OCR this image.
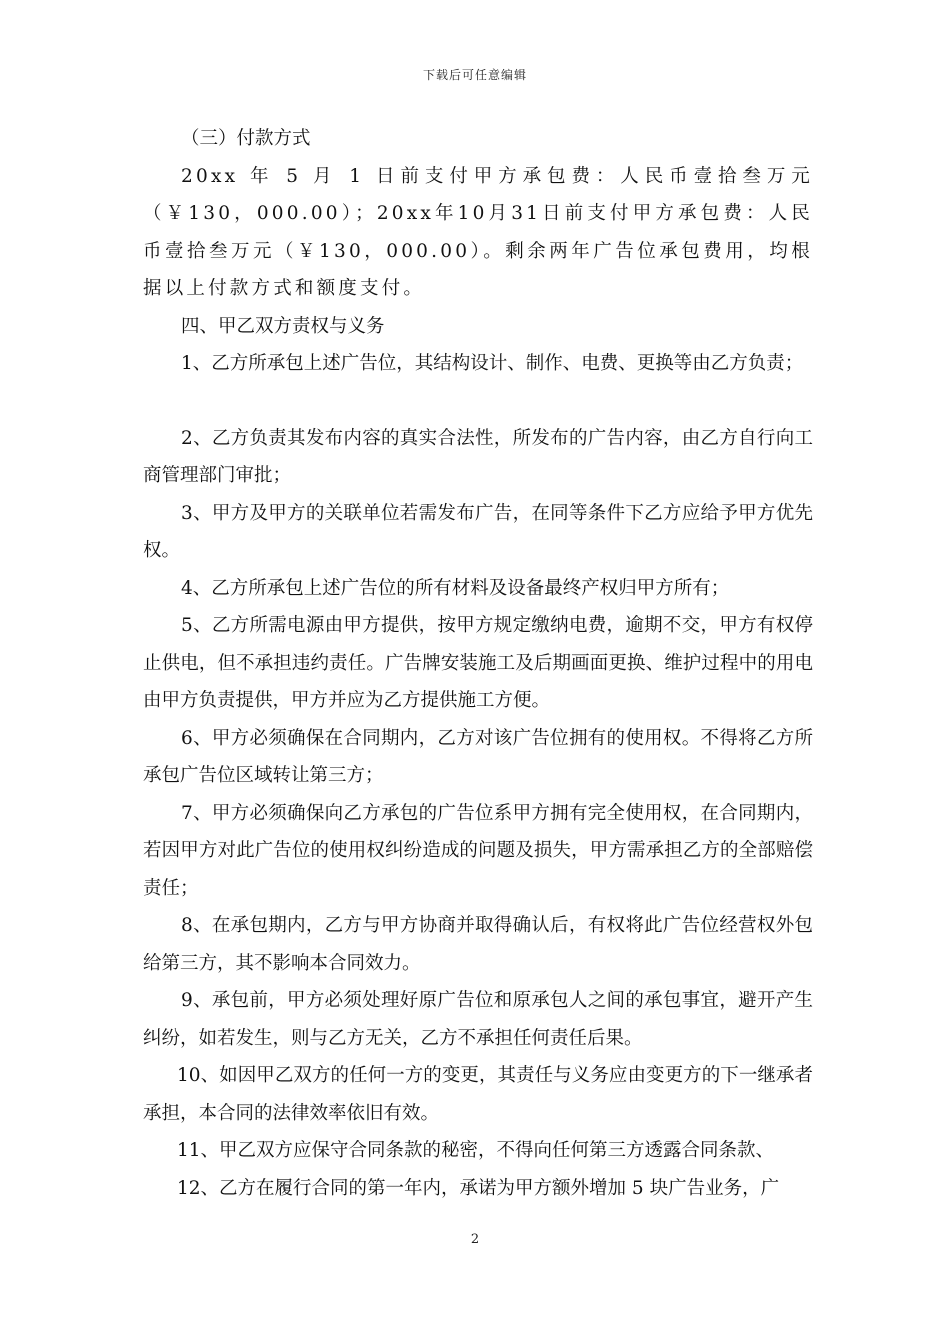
下载后可任意编辑

（三）付款方式

20xx 年 5 月 1 日前支付甲方承包费：人民币壹拾叁万元（￥130，000.00）；20xx年10月31日前支付甲方承包费：人民币壹拾叁万元（￥130，000.00）。剩余两年广告位承包费用，均根据以上付款方式和额度支付。

四、甲乙双方责权与义务

1、乙方所承包上述广告位，其结构设计、制作、电费、更换等由乙方负责；

2、乙方负责其发布内容的真实合法性，所发布的广告内容，由乙方自行向工商管理部门审批；

3、甲方及甲方的关联单位若需发布广告，在同等条件下乙方应给予甲方优先权。

4、乙方所承包上述广告位的所有材料及设备最终产权归甲方所有；

5、乙方所需电源由甲方提供，按甲方规定缴纳电费，逾期不交，甲方有权停止供电，但不承担违约责任。广告牌安装施工及后期画面更换、维护过程中的用电由甲方负责提供，甲方并应为乙方提供施工方便。

6、甲方必须确保在合同期内，乙方对该广告位拥有的使用权。不得将乙方所承包广告位区域转让第三方；

7、甲方必须确保向乙方承包的广告位系甲方拥有完全使用权，在合同期内，若因甲方对此广告位的使用权纠纷造成的问题及损失，甲方需承担乙方的全部赔偿责任；

8、在承包期内，乙方与甲方协商并取得确认后，有权将此广告位经营权外包给第三方，其不影响本合同效力。

9、承包前，甲方必须处理好原广告位和原承包人之间的承包事宜，避开产生纠纷，如若发生，则与乙方无关，乙方不承担任何责任后果。

10、如因甲乙双方的任何一方的变更，其责任与义务应由变更方的下一继承者承担，本合同的法律效率依旧有效。

11、甲乙双方应保守合同条款的秘密，不得向任何第三方透露合同条款、

12、乙方在履行合同的第一年内，承诺为甲方额外增加 5 块广告业务，广

2
